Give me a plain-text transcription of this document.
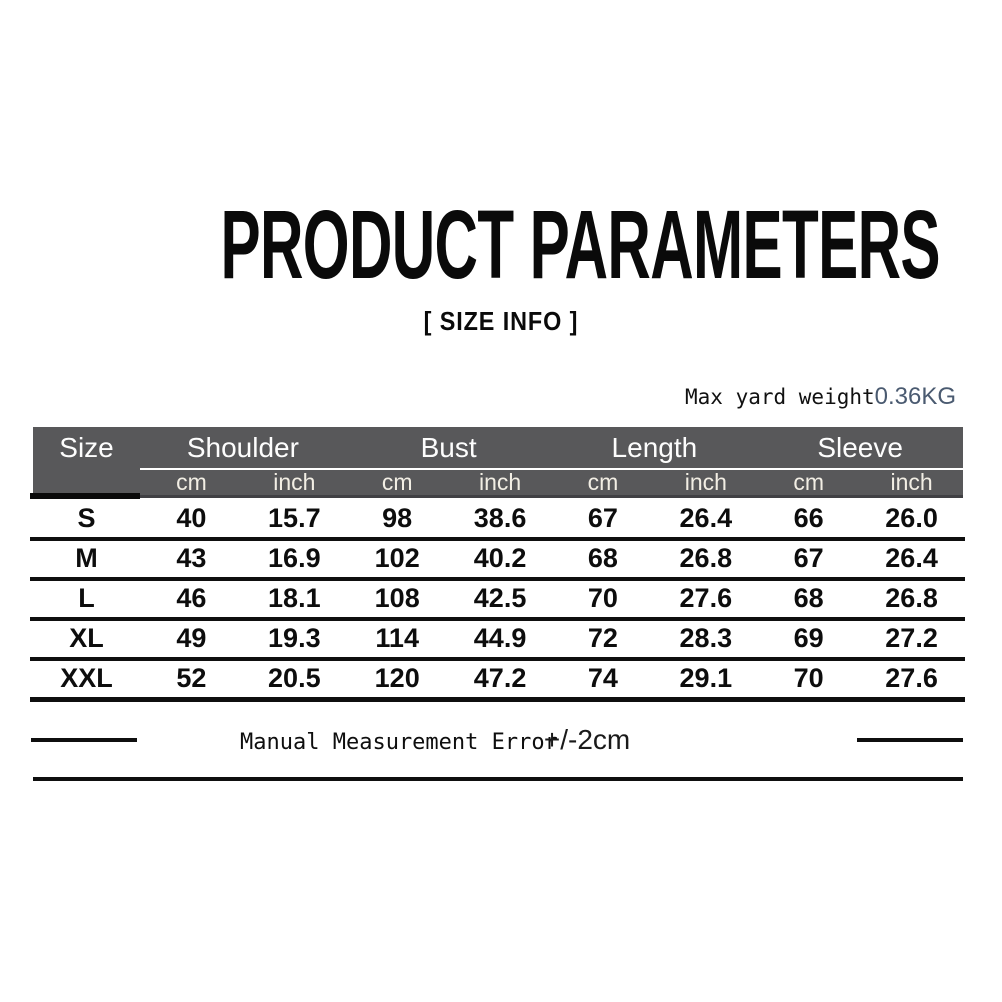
PRODUCT PARAMETERS
[ SIZE INFO ]
Max yard weight 0.36KG
Size	Shoulder	Bust	Length	Sleeve
cm	inch	cm	inch	cm	inch	cm	inch
S	40	15.7	98	38.6	67	26.4	66	26.0
M	43	16.9	102	40.2	68	26.8	67	26.4
L	46	18.1	108	42.5	70	27.6	68	26.8
XL	49	19.3	114	44.9	72	28.3	69	27.2
XXL	52	20.5	120	47.2	74	29.1	70	27.6
Manual Measurement Error
+/-2cm
